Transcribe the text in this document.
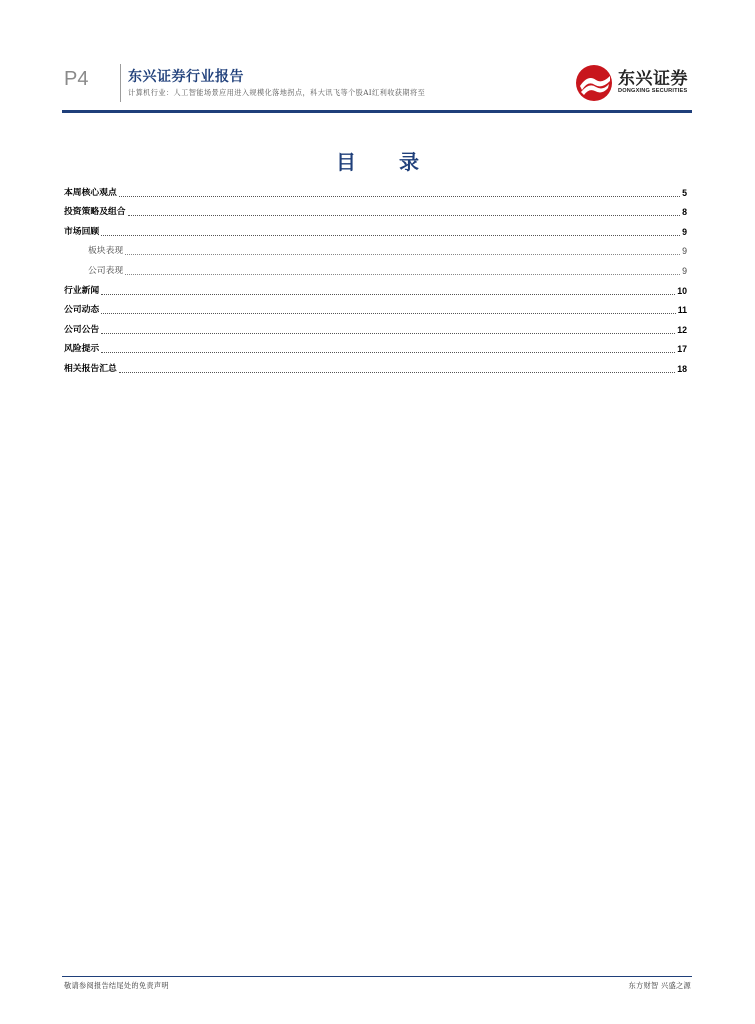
P4	东兴证券行业报告
计算机行业：人工智能场景应用进入规模化落地拐点，科大讯飞等个股AI红利收获期将至
东兴证券
DONGXING SECURITIES
目 录
本周核心观点	5
投资策略及组合	8
市场回顾	9
板块表现	9
公司表现	9
行业新闻	10
公司动态	11
公司公告	12
风险提示	17
相关报告汇总	18
敬请参阅报告结尾处的免责声明	东方财智 兴盛之源
